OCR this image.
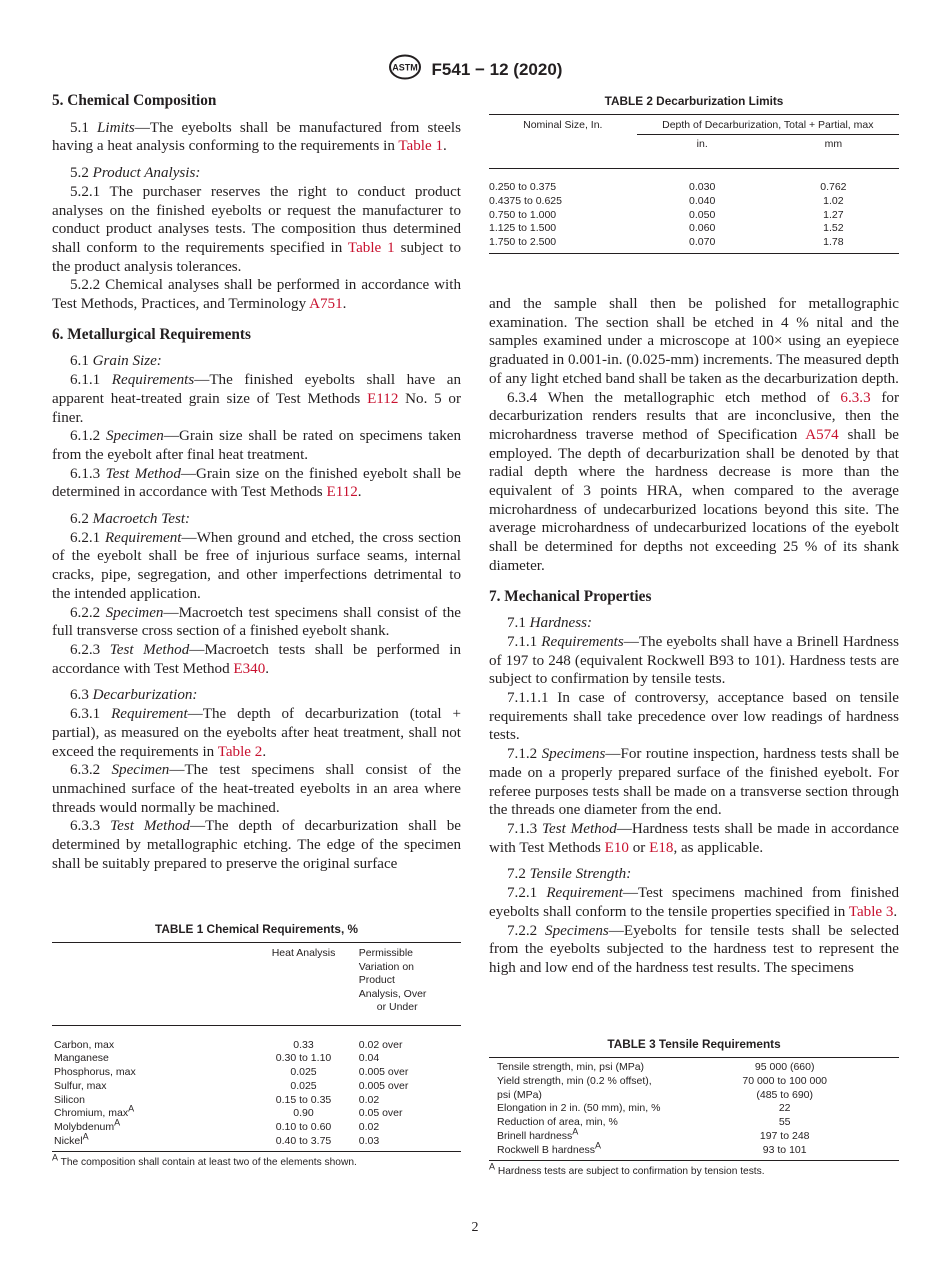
ASTM F541 − 12 (2020)
5. Chemical Composition

5.1 Limits—The eyebolts shall be manufactured from steels having a heat analysis conforming to the requirements in Table 1.

5.2 Product Analysis:

5.2.1 The purchaser reserves the right to conduct product analyses on the finished eyebolts or request the manufacturer to conduct product analyses tests. The composition thus determined shall conform to the requirements specified in Table 1 subject to the product analysis tolerances.

5.2.2 Chemical analyses shall be performed in accordance with Test Methods, Practices, and Terminology A751.

6. Metallurgical Requirements

6.1 Grain Size:

6.1.1 Requirements—The finished eyebolts shall have an apparent heat-treated grain size of Test Methods E112 No. 5 or finer.

6.1.2 Specimen—Grain size shall be rated on specimens taken from the eyebolt after final heat treatment.

6.1.3 Test Method—Grain size on the finished eyebolt shall be determined in accordance with Test Methods E112.

6.2 Macroetch Test:

6.2.1 Requirement—When ground and etched, the cross section of the eyebolt shall be free of injurious surface seams, internal cracks, pipe, segregation, and other imperfections detrimental to the intended application.

6.2.2 Specimen—Macroetch test specimens shall consist of the full transverse cross section of a finished eyebolt shank.

6.2.3 Test Method—Macroetch tests shall be performed in accordance with Test Method E340.

6.3 Decarburization:

6.3.1 Requirement—The depth of decarburization (total + partial), as measured on the eyebolts after heat treatment, shall not exceed the requirements in Table 2.

6.3.2 Specimen—The test specimens shall consist of the unmachined surface of the heat-treated eyebolts in an area where threads would normally be machined.

6.3.3 Test Method—The depth of decarburization shall be determined by metallographic etching. The edge of the specimen shall be suitably prepared to preserve the original surface

TABLE 2 Decarburization Limits
Nominal Size, In.	Depth of Decarburization, Total + Partial, max	
	in.	mm

0.250 to 0.375	0.030	0.762
0.4375 to 0.625	0.040	1.02
0.750 to 1.000	0.050	1.27
1.125 to 1.500	0.060	1.52
1.750 to 2.500	0.070	1.78

and the sample shall then be polished for metallographic examination. The section shall be etched in 4 % nital and the samples examined under a microscope at 100× using an eyepiece graduated in 0.001-in. (0.025-mm) increments. The measured depth of any light etched band shall be taken as the decarburization depth.

6.3.4 When the metallographic etch method of 6.3.3 for decarburization renders results that are inconclusive, then the microhardness traverse method of Specification A574 shall be employed. The depth of decarburization shall be denoted by that radial depth where the hardness decrease is more than the equivalent of 3 points HRA, when compared to the average microhardness of undecarburized locations beyond this site. The average microhardness of undecarburized locations of the eyebolt shall be determined for depths not exceeding 25 % of its shank diameter.

7. Mechanical Properties

7.1 Hardness:

7.1.1 Requirements—The eyebolts shall have a Brinell Hardness of 197 to 248 (equivalent Rockwell B93 to 101). Hardness tests are subject to confirmation by tensile tests.

7.1.1.1 In case of controversy, acceptance based on tensile requirements shall take precedence over low readings of hardness tests.

7.1.2 Specimens—For routine inspection, hardness tests shall be made on a properly prepared surface of the finished eyebolt. For referee purposes tests shall be made on a transverse section through the threads one diameter from the end.

7.1.3 Test Method—Hardness tests shall be made in accordance with Test Methods E10 or E18, as applicable.

7.2 Tensile Strength:

7.2.1 Requirement—Test specimens machined from finished eyebolts shall conform to the tensile properties specified in Table 3.

7.2.2 Specimens—Eyebolts for tensile tests shall be selected from the eyebolts subjected to the hardness test to represent the high and low end of the hardness test results. The specimens

TABLE 1 Chemical Requirements, %
	Heat Analysis	Permissible
Variation on
Product
Analysis, Over
or Under

Carbon, max	0.33	0.02 over
Manganese	0.30 to 1.10	0.04
Phosphorus, max	0.025	0.005 over
Sulfur, max	0.025	0.005 over
Silicon	0.15 to 0.35	0.02
Chromium, $\max^A$	0.90	0.05 over
Molybdenum$^A$	0.10 to 0.60	0.02
Nickel$^A$	0.40 to 3.75	0.03

$^A$ The composition shall contain at least two of the elements shown.
TABLE 3 Tensile Requirements

Tensile strength, min, psi (MPa)	95 000 (660)
Yield strength, min (0.2 % offset),	70 000 to 100 000
psi (MPa)	(485 to 690)
Elongation in 2 in. (50 mm), min, %	22
Reduction of area, min, %	55
Brinell hardness$^A$	197 to 248
Rockwell B hardness$^A$	93 to 101

$^A$ Hardness tests are subject to confirmation by tension tests.
2
